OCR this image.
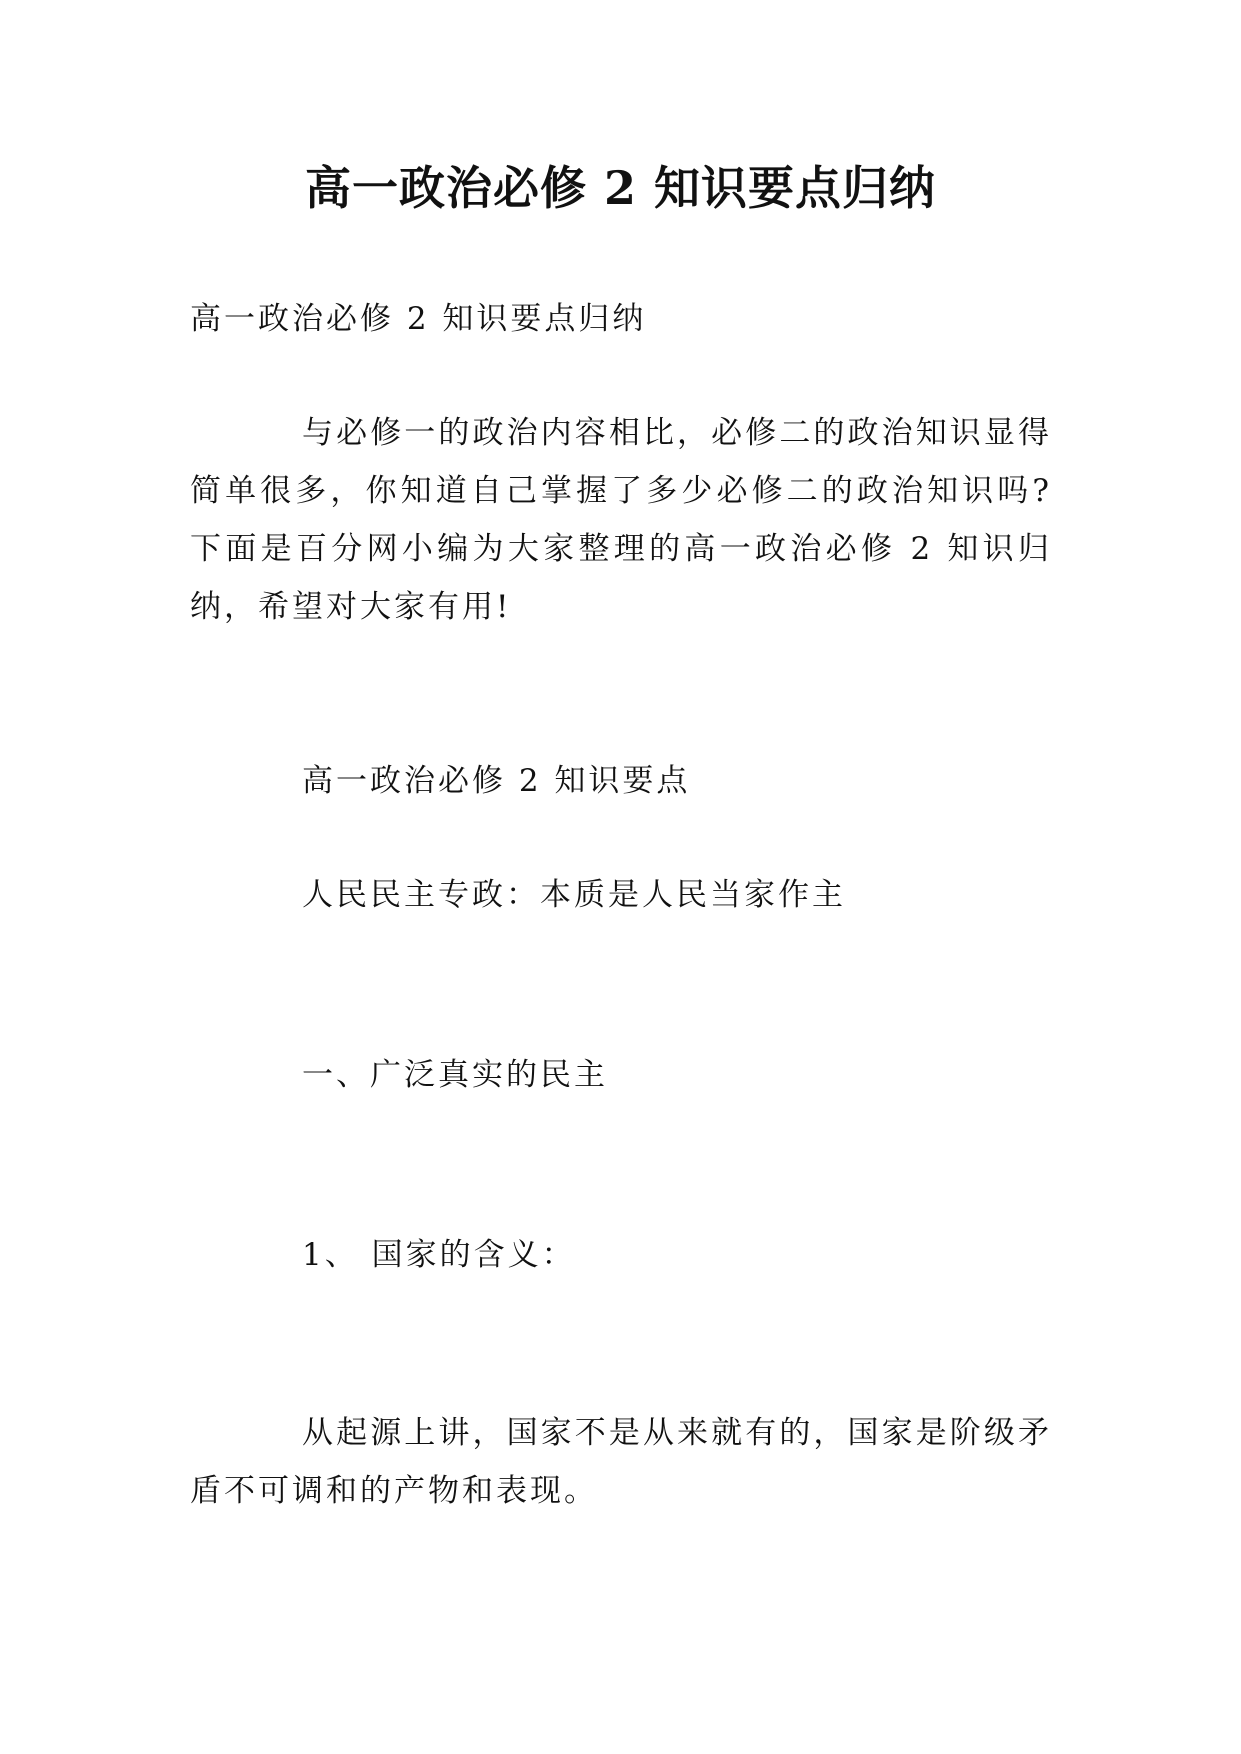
高一政治必修 2 知识要点归纳
高一政治必修 2 知识要点归纳
与必修一的政治内容相比，必修二的政治知识显得简单很多，你知道自己掌握了多少必修二的政治知识吗?下面是百分网小编为大家整理的高一政治必修 2 知识归纳，希望对大家有用!
高一政治必修 2 知识要点
人民民主专政：本质是人民当家作主
一、广泛真实的民主
1、 国家的含义：
从起源上讲，国家不是从来就有的，国家是阶级矛盾不可调和的产物和表现。
